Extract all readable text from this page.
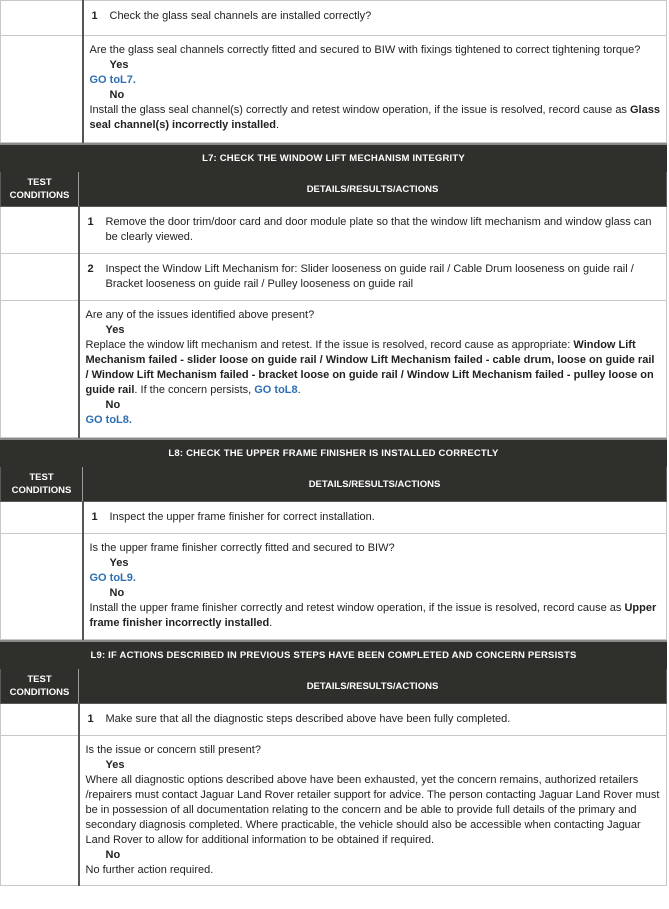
	1 Check the glass seal channels are installed correctly?

	Are the glass seal channels correctly fitted and secured to BIW with fixings tightened to correct tightening torque?
Yes
GO toL7.
No
Install the glass seal channel(s) correctly and retest window operation, if the issue is resolved, record cause as Glass seal channel(s) incorrectly installed.
L7: CHECK THE WINDOW LIFT MECHANISM INTEGRITY	
TEST CONDITIONS	DETAILS/RESULTS/ACTIONS

	1 Remove the door trim/door card and door module plate so that the window lift mechanism and window glass can be clearly viewed.

	2 Inspect the Window Lift Mechanism for: Slider looseness on guide rail / Cable Drum looseness on guide rail / Bracket looseness on guide rail / Pulley looseness on guide rail

	Are any of the issues identified above present?
Yes
Replace the window lift mechanism and retest. If the issue is resolved, record cause as appropriate: Window Lift Mechanism failed - slider loose on guide rail / Window Lift Mechanism failed - cable drum, loose on guide rail / Window Lift Mechanism failed - bracket loose on guide rail / Window Lift Mechanism failed - pulley loose on guide rail. If the concern persists, GO toL8.
No
GO toL8.
L8: CHECK THE UPPER FRAME FINISHER IS INSTALLED CORRECTLY	
TEST CONDITIONS	DETAILS/RESULTS/ACTIONS

	1 Inspect the upper frame finisher for correct installation.

	Is the upper frame finisher correctly fitted and secured to BIW?
Yes
GO toL9.
No
Install the upper frame finisher correctly and retest window operation, if the issue is resolved, record cause as Upper frame finisher incorrectly installed.
L9: IF ACTIONS DESCRIBED IN PREVIOUS STEPS HAVE BEEN COMPLETED AND CONCERN PERSISTS	
TEST CONDITIONS	DETAILS/RESULTS/ACTIONS

	1 Make sure that all the diagnostic steps described above have been fully completed.

	Is the issue or concern still present?
Yes
Where all diagnostic options described above have been exhausted, yet the concern remains, authorized retailers /repairers must contact Jaguar Land Rover retailer support for advice. The person contacting Jaguar Land Rover must be in possession of all documentation relating to the concern and be able to provide full details of the primary and secondary diagnosis completed. Where practicable, the vehicle should also be accessible when contacting Jaguar Land Rover to allow for additional information to be obtained if required.
No
No further action required.
